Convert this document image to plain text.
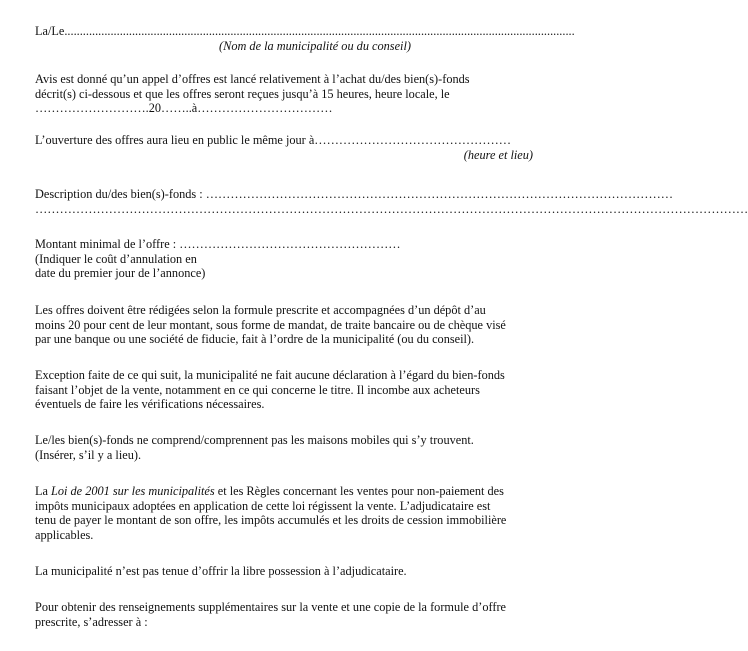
La/Le......................................................................................................................................................................
(Nom de la municipalité ou du conseil)
Avis est donné qu’un appel d’offres est lancé relativement à l’achat du/des bien(s)-fonds
décrit(s) ci-dessous et que les offres seront reçues jusqu’à 15 heures, heure locale, le
……………………….20……..à……………………………
L’ouverture des offres aura lieu en public le même jour à…………………………………………
(heure et lieu)
Description du/des bien(s)-fonds : ……………………………………………………………………………………………………
…………………………………………………………………………………………………………………………………………………………
Montant minimal de l’offre : ………………………………………………
(Indiquer le coût d’annulation en
date du premier jour de l’annonce)
Les offres doivent être rédigées selon la formule prescrite et accompagnées d’un dépôt d’au
moins 20 pour cent de leur montant, sous forme de mandat, de traite bancaire ou de chèque visé
par une banque ou une société de fiducie, fait à l’ordre de la municipalité (ou du conseil).
Exception faite de ce qui suit, la municipalité ne fait aucune déclaration à l’égard du bien-fonds
faisant l’objet de la vente, notamment en ce qui concerne le titre. Il incombe aux acheteurs
éventuels de faire les vérifications nécessaires.
Le/les bien(s)-fonds ne comprend/comprennent pas les maisons mobiles qui s’y trouvent.
(Insérer, s’il y a lieu).
La Loi de 2001 sur les municipalités et les Règles concernant les ventes pour non-paiement des
impôts municipaux adoptées en application de cette loi régissent la vente. L’adjudicataire est
tenu de payer le montant de son offre, les impôts accumulés et les droits de cession immobilière
applicables.
La municipalité n’est pas tenue d’offrir la libre possession à l’adjudicataire.
Pour obtenir des renseignements supplémentaires sur la vente et une copie de la formule d’offre
prescrite, s’adresser à :
